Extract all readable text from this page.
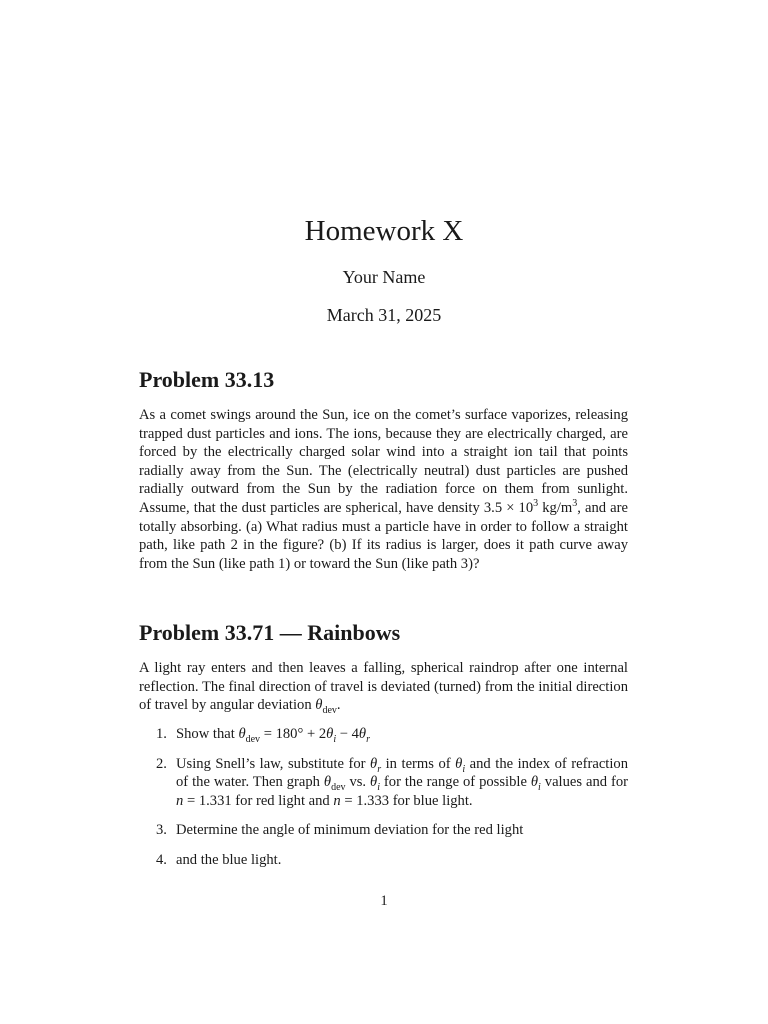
Homework X
Your Name
March 31, 2025
Problem 33.13

As a comet swings around the Sun, ice on the comet’s surface vaporizes, releasing trapped dust particles and ions. The ions, because they are electrically charged, are forced by the electrically charged solar wind into a straight ion tail that points radially away from the Sun. The (electrically neutral) dust particles are pushed radially outward from the Sun by the radiation force on them from sunlight. Assume, that the dust particles are spherical, have density $3.5 \times 10^3$ $kg/m^3$, and are totally absorbing. (a) What radius must a particle have in order to follow a straight path, like path 2 in the figure? (b) If its radius is larger, does it path curve away from the Sun (like path 1) or toward the Sun (like path 3)?

Problem 33.71 — Rainbows

A light ray enters and then leaves a falling, spherical raindrop after one internal reflection. The final direction of travel is deviated (turned) from the initial direction of travel by angular deviation $\theta_{dev}$.

1. Show that $\theta_{dev} = 180^\circ + 2\theta_i - 4\theta_r$
2. Using Snell’s law, substitute for $\theta_r$ in terms of $\theta_i$ and the index of refraction of the water. Then graph $\theta_{dev}$ vs. $\theta_i$ for the range of possible $\theta_i$ values and for n = 1.331 for red light and n = 1.333 for blue light.
3. Determine the angle of minimum deviation for the red light
4. and the blue light.
1
